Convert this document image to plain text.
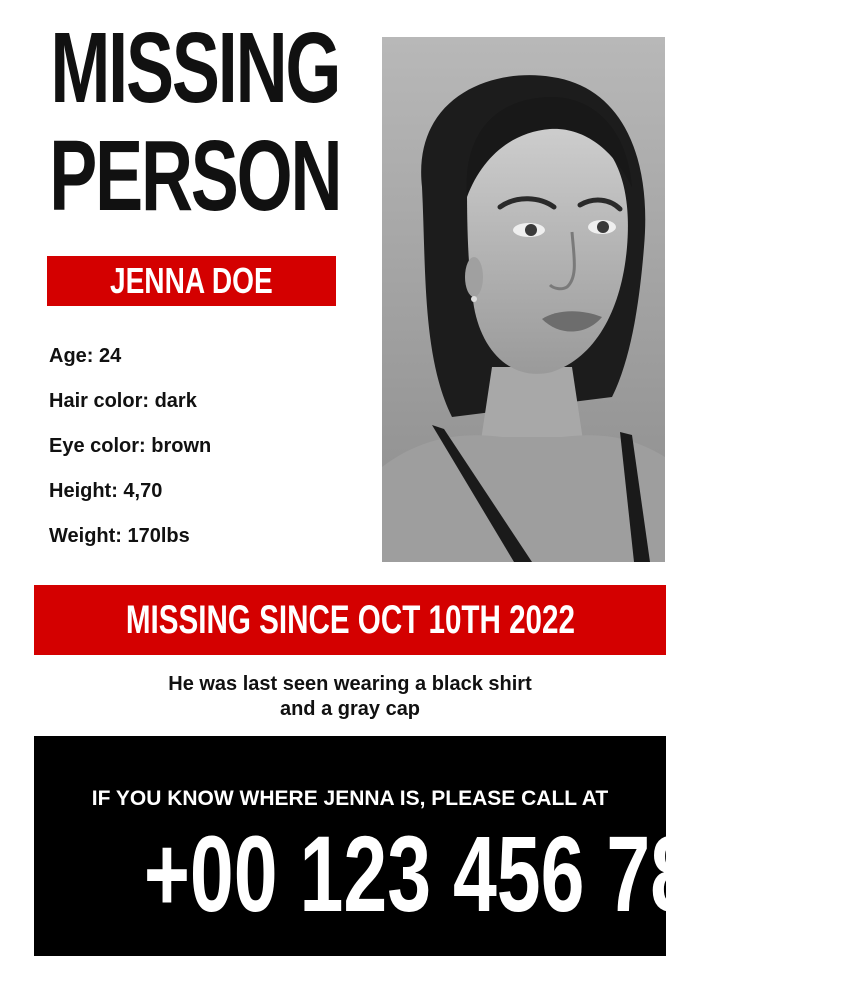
MISSING
PERSON
JENNA DOE
Age: 24
Hair color: dark
Eye color: brown
Height: 4,70
Weight: 170lbs
MISSING SINCE OCT 10TH 2022
He was last seen wearing a black shirt
and a gray cap
IF YOU KNOW WHERE JENNA IS, PLEASE CALL AT
+00 123 456 789
